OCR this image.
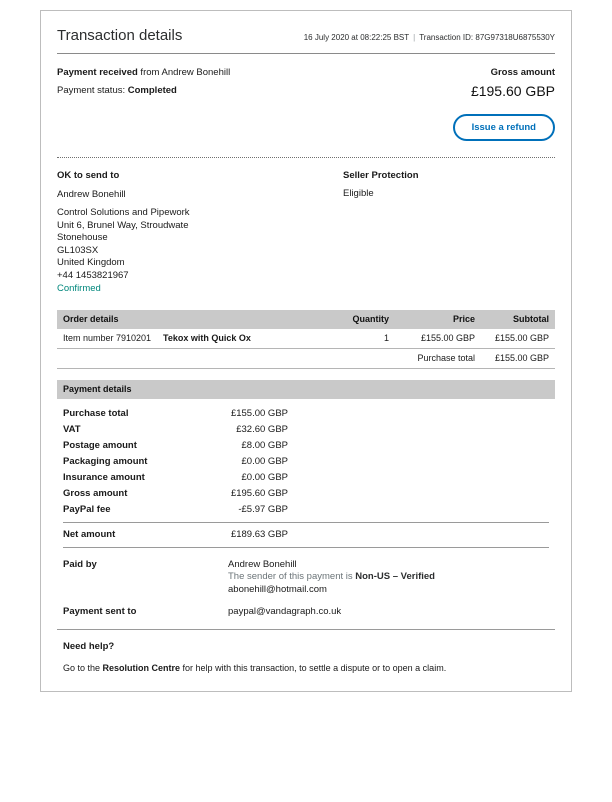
Transaction details	16 July 2020 at 08:22:25 BST | Transaction ID: 87G97318U6875530Y
Payment received from Andrew Bonehill
Payment status: Completed
Gross amount
£195.60 GBP
Issue a refund
OK to send to
Andrew Bonehill
Control Solutions and Pipework
Unit 6, Brunel Way, Stroudwate
Stonehouse
GL103SX
United Kingdom
+44 1453821967
Confirmed
Seller Protection
Eligible
Order details	Quantity	Price	Subtotal
Item number 7910201	Tekox with Quick Ox	1	£155.00 GBP	£155.00 GBP
Purchase total	£155.00 GBP
Payment details
Purchase total	£155.00 GBP
VAT	£32.60 GBP
Postage amount	£8.00 GBP
Packaging amount	£0.00 GBP
Insurance amount	£0.00 GBP
Gross amount	£195.60 GBP
PayPal fee	-£5.97 GBP
Net amount	£189.63 GBP
Paid by	Andrew Bonehill
The sender of this payment is Non-US – Verified
abonehill@hotmail.com
Payment sent to	paypal@vandagraph.co.uk
Need help?
Go to the Resolution Centre for help with this transaction, to settle a dispute or to open a claim.
